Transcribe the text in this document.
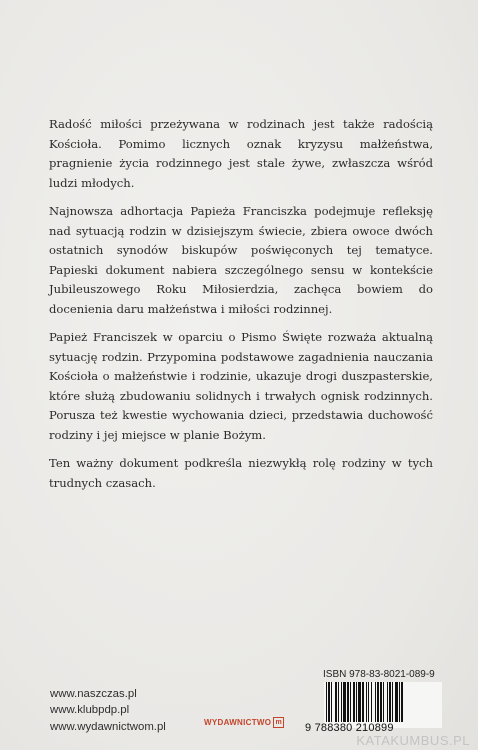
Radość miłości przeżywana w rodzinach jest także radością Kościoła. Pomimo licznych oznak kryzysu małżeństwa, pragnienie życia rodzinnego jest stale żywe, zwłaszcza wśród ludzi młodych.

Najnowsza adhortacja Papieża Franciszka podejmuje refleksję nad sytuacją rodzin w dzisiejszym świecie, zbiera owoce dwóch ostatnich synodów biskupów poświęconych tej tematyce. Papieski dokument nabiera szczególnego sensu w kontekście Jubileuszowego Roku Miłosierdzia, zachęca bowiem do docenienia daru małżeństwa i miłości rodzinnej.

Papież Franciszek w oparciu o Pismo Święte rozważa aktualną sytuację rodzin. Przypomina podstawowe zagadnienia nauczania Kościoła o małżeństwie i rodzinie, ukazuje drogi duszpasterskie, które służą zbudowaniu solidnych i trwałych ognisk rodzinnych. Porusza też kwestie wychowania dzieci, przedstawia duchowość rodziny i jej miejsce w planie Bożym.

Ten ważny dokument podkreśla niezwykłą rolę rodziny w tych trudnych czasach.

www.naszczas.pl
www.klubpdp.pl
www.wydawnictwom.pl	WYDAWNICTWO m
ISBN 978-83-8021-089-9
9 788380 210899
KATAKUMBUS.PL
